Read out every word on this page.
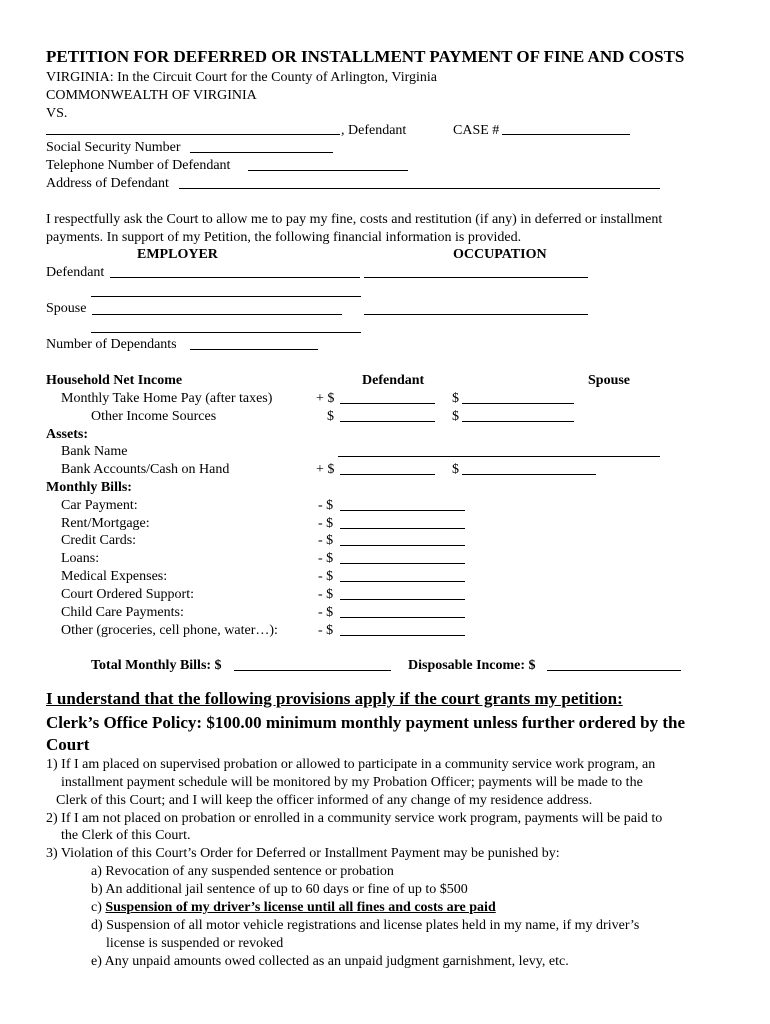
PETITION FOR DEFERRED OR INSTALLMENT PAYMENT OF FINE AND COSTS
VIRGINIA: In the Circuit Court for the County of Arlington, Virginia
COMMONWEALTH OF VIRGINIA
VS.
, Defendant	CASE #
Social Security Number
Telephone Number of Defendant
Address of Defendant
I respectfully ask the Court to allow me to pay my fine, costs and restitution (if any) in deferred or installment
payments. In support of my Petition, the following financial information is provided.
EMPLOYER	OCCUPATION
Defendant
Spouse
Number of Dependants
Household Net Income	Defendant	Spouse
Monthly Take Home Pay (after taxes)	+ $	$
Other Income Sources	$	$
Assets:
Bank Name
Bank Accounts/Cash on Hand	+ $	$
Monthly Bills:
Car Payment:	- $
Rent/Mortgage:	- $
Credit Cards:	- $
Loans:	- $
Medical Expenses:	- $
Court Ordered Support:	- $
Child Care Payments:	- $
Other (groceries, cell phone, water…):	- $
Total Monthly Bills: $	Disposable Income: $
I understand that the following provisions apply if the court grants my petition:
Clerk’s Office Policy: $100.00 minimum monthly payment unless further ordered by the
Court
1) If I am placed on supervised probation or allowed to participate in a community service work program, an
installment payment schedule will be monitored by my Probation Officer; payments will be made to the
Clerk of this Court; and I will keep the officer informed of any change of my residence address.
2) If I am not placed on probation or enrolled in a community service work program, payments will be paid to
the Clerk of this Court.
3) Violation of this Court’s Order for Deferred or Installment Payment may be punished by:
a) Revocation of any suspended sentence or probation
b) An additional jail sentence of up to 60 days or fine of up to $500
c) Suspension of my driver’s license until all fines and costs are paid
d) Suspension of all motor vehicle registrations and license plates held in my name, if my driver’s
license is suspended or revoked
e) Any unpaid amounts owed collected as an unpaid judgment garnishment, levy, etc.
